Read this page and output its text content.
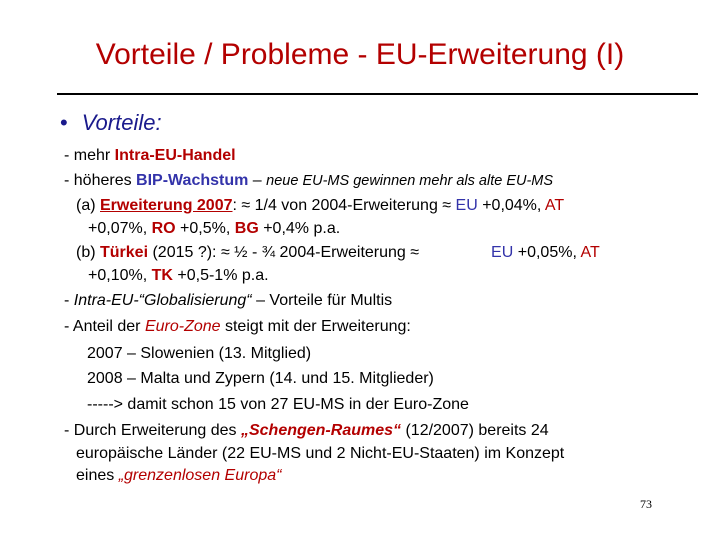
Vorteile / Probleme - EU-Erweiterung (I)
• Vorteile:
- mehr Intra-EU-Handel
- höheres BIP-Wachstum – neue EU-MS gewinnen mehr als alte EU-MS
(a) Erweiterung 2007: ≈ 1/4 von 2004-Erweiterung ≈ EU +0,04%, AT
+0,07%, RO +0,5%, BG +0,4% p.a.
(b) Türkei (2015 ?): ≈ ½ - ¾ 2004-Erweiterung ≈	EU +0,05%, AT
+0,10%, TK +0,5-1% p.a.
- Intra-EU-“Globalisierung“ – Vorteile für Multis
- Anteil der Euro-Zone steigt mit der Erweiterung:
2007 – Slowenien (13. Mitglied)
2008 – Malta und Zypern (14. und 15. Mitglieder)
-----> damit schon 15 von 27 EU-MS in der Euro-Zone
- Durch Erweiterung des „Schengen-Raumes“ (12/2007) bereits 24
europäische Länder (22 EU-MS und 2 Nicht-EU-Staaten) im Konzept
eines „grenzenlosen Europa“
73
